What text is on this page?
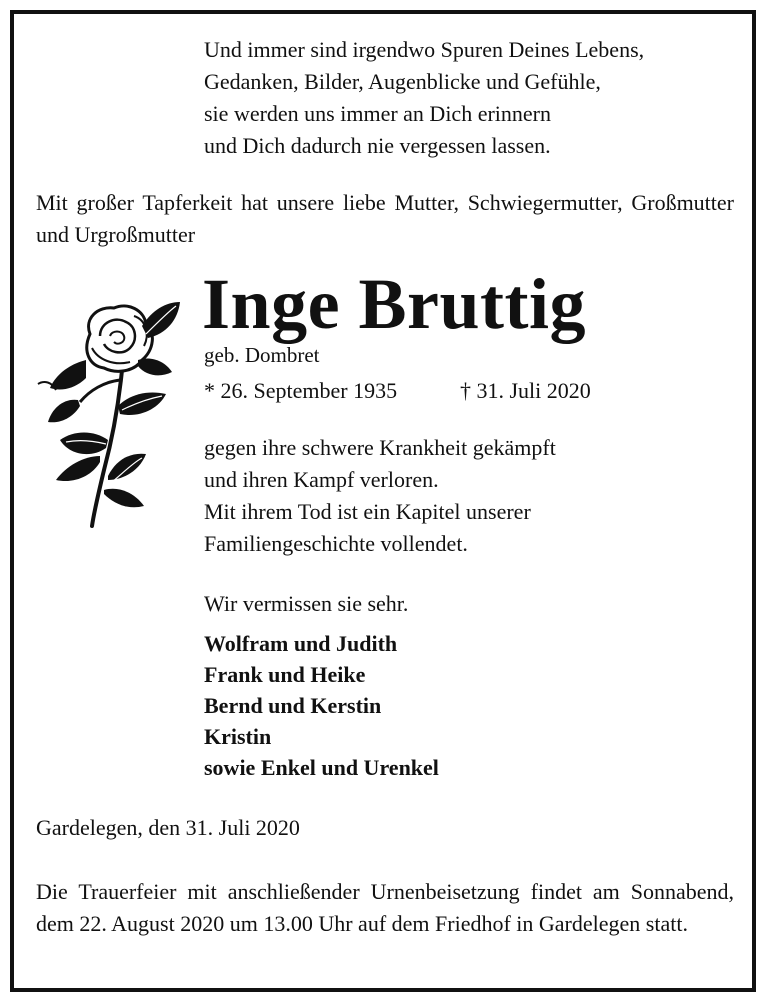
Und immer sind irgendwo Spuren Deines Lebens,
Gedanken, Bilder, Augenblicke und Gefühle,
sie werden uns immer an Dich erinnern
und Dich dadurch nie vergessen lassen.
Mit großer Tapferkeit hat unsere liebe Mutter, Schwiegermutter, Großmutter und Urgroßmutter
Inge Bruttig
geb. Dombret
* 26. September 1935	† 31. Juli 2020
gegen ihre schwere Krankheit gekämpft
und ihren Kampf verloren.
Mit ihrem Tod ist ein Kapitel unserer
Familiengeschichte vollendet.
Wir vermissen sie sehr.
Wolfram und Judith
Frank und Heike
Bernd und Kerstin
Kristin
sowie Enkel und Urenkel
Gardelegen, den 31. Juli 2020
Die Trauerfeier mit anschließender Urnenbeisetzung findet am Sonnabend, dem 22. August 2020 um 13.00 Uhr auf dem Friedhof in Gardelegen statt.
